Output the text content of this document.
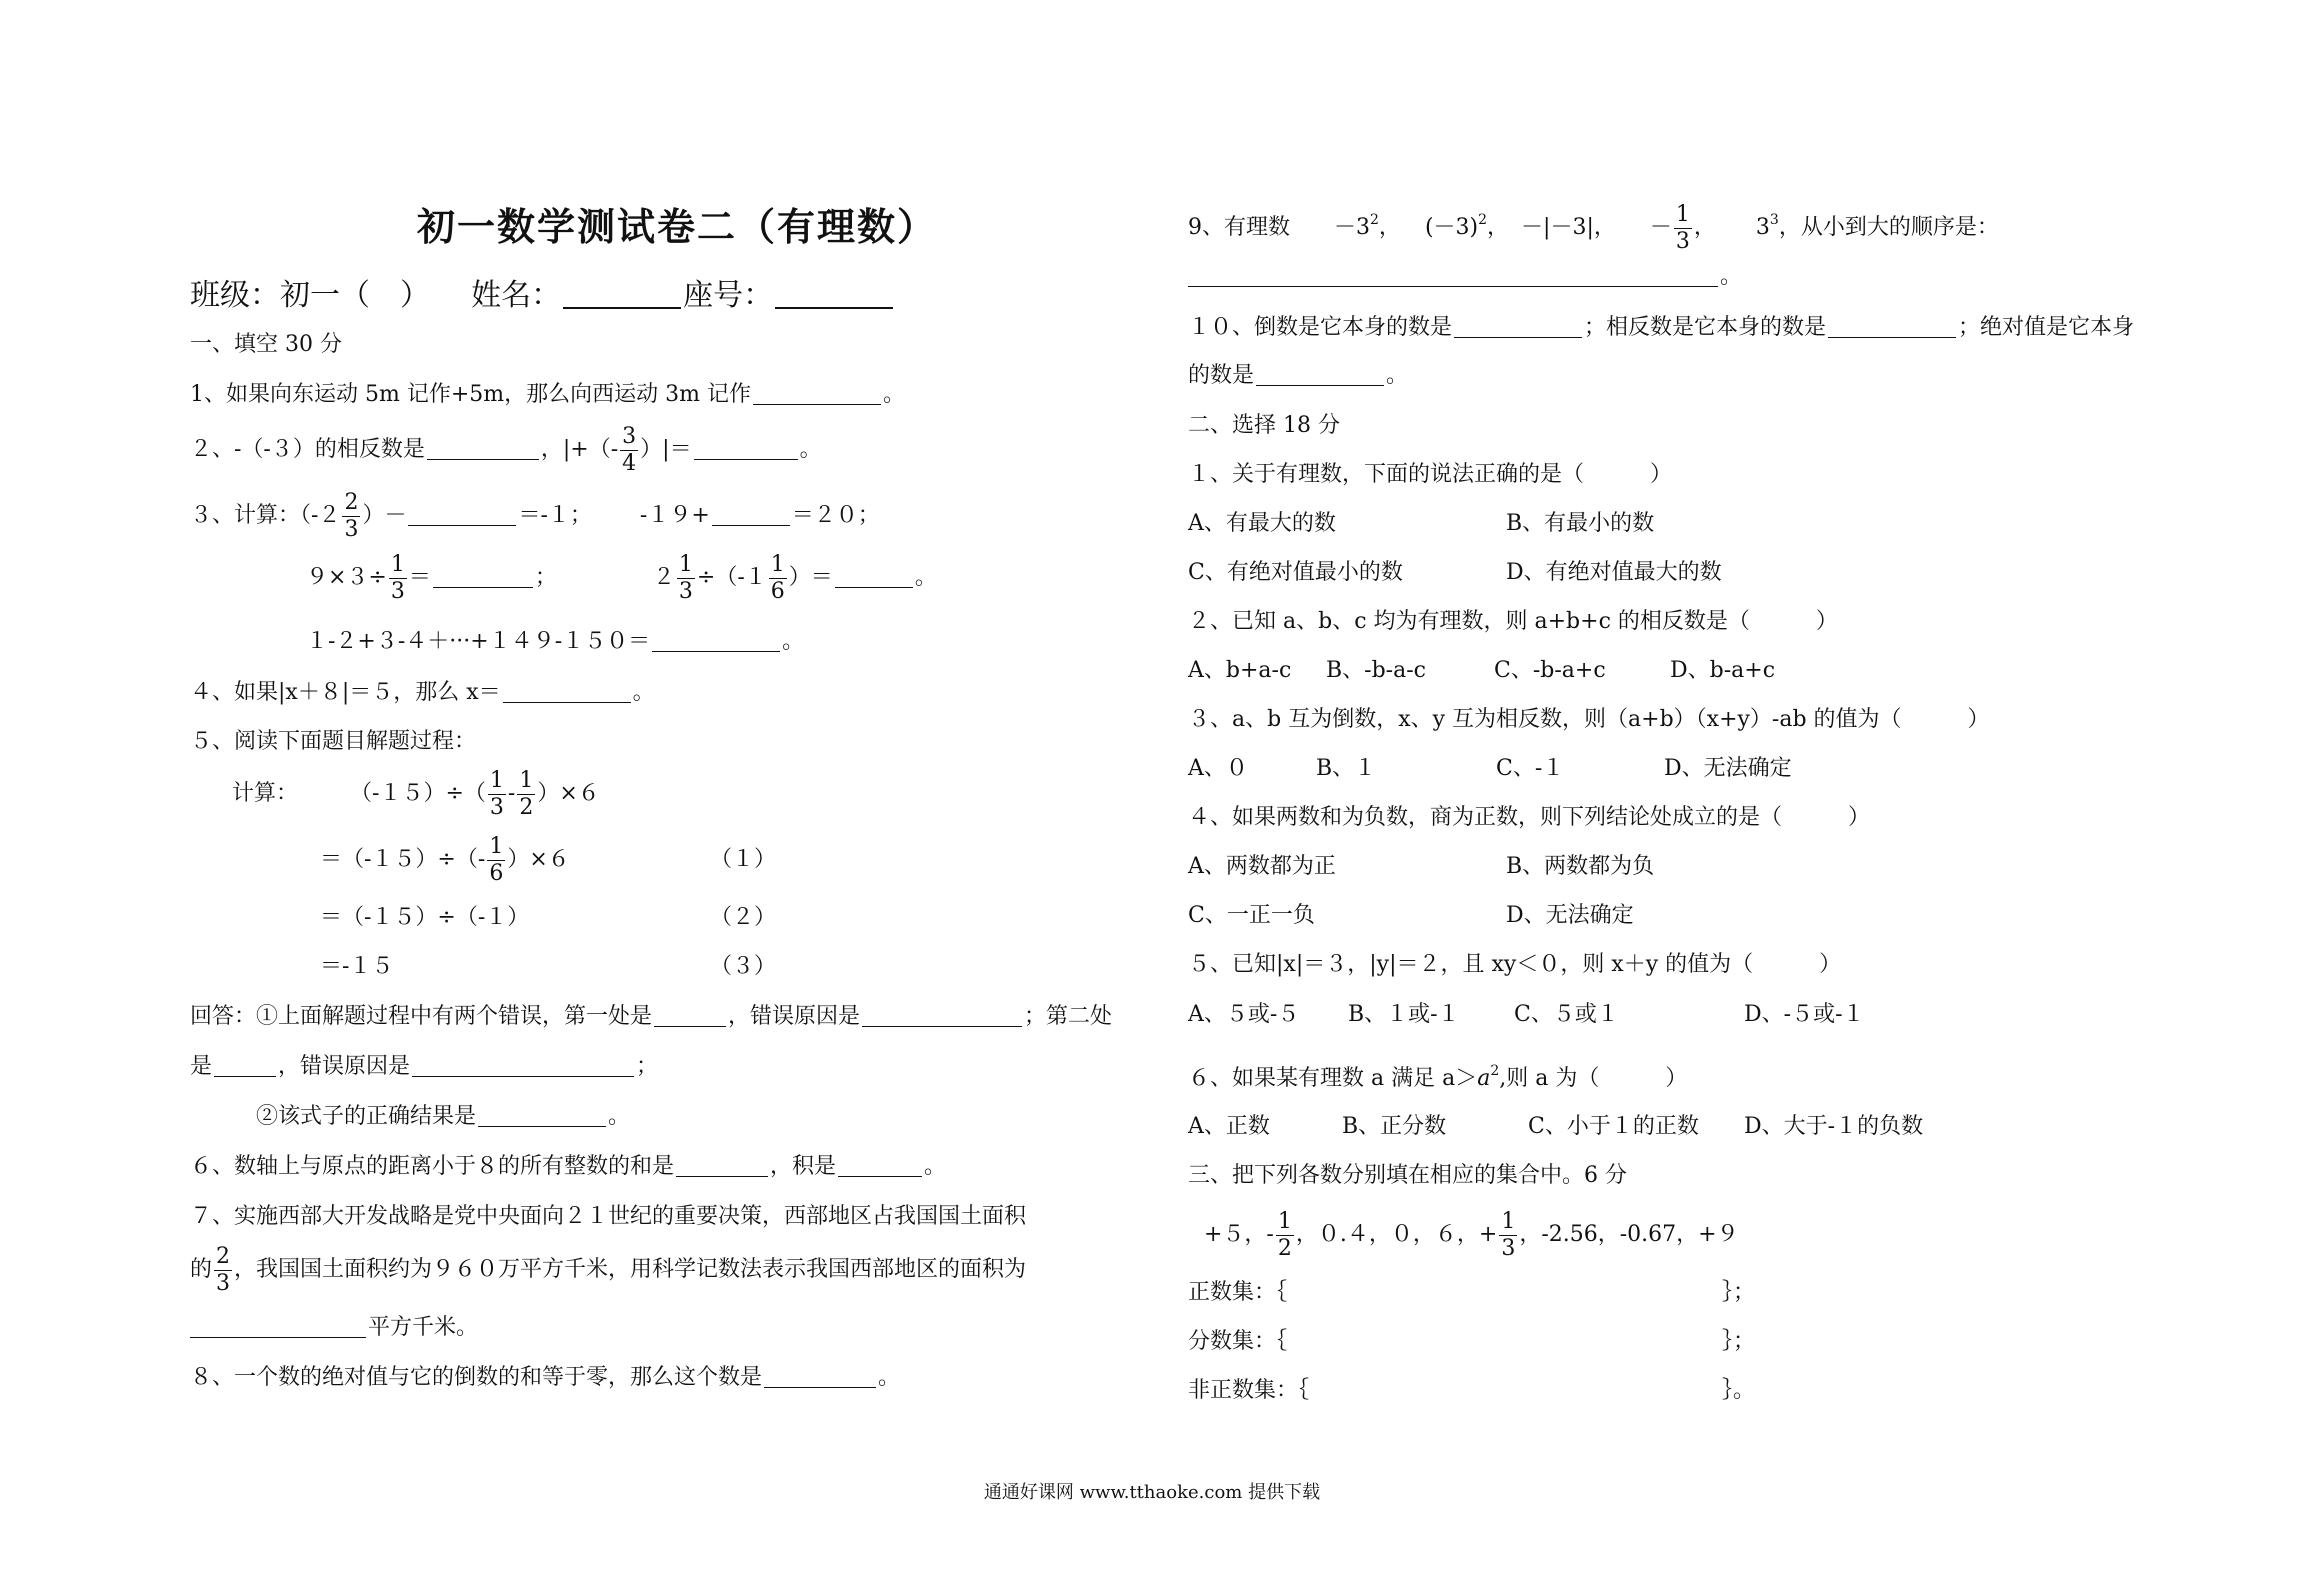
初一数学测试卷二（有理数）
班级：初一（　） 姓名：	座号：
一、填空 30 分
1、如果向东运动 5m 记作+5m，那么向西运动 3m 记作	。
２、-（-３）的相反数是	，|+（- $\frac{3}{4}$ ）|＝	。
３、计算：（$-2 \frac{2}{3}$ ）－	＝-１； -１９+	＝２０；
$9\times 3\div \frac{1}{3}$ ＝	；	$2 \frac{1}{3} \div(-1 \frac{1}{6}$ ）＝	。
１-２+３-４＋···+１４９-１５０＝	。
４、如果|x＋８|＝５，那么 x＝	。
５、阅读下面题目解题过程：
计算： $(-15)\div( \frac{1}{3} - \frac{1}{2} )\times 6$
$=(-15)\div(- \frac{1}{6} )\times 6$	（１）
＝（-１５）÷（-１）	（２）
＝-１５	（３）
回答：①上面解题过程中有两个错误，第一处是	，错误原因是	；第二处
是	，错误原因是	；
②该式子的正确结果是	。
６、数轴上与原点的距离小于８的所有整数的和是	，积是	。
７、实施西部大开发战略是党中央面向２１世纪的重要决策，西部地区占我国国土面积
的 $\frac{2}{3}$ ，我国国土面积约为９６０万平方千米，用科学记数法表示我国西部地区的面积为
平方千米。
８、一个数的绝对值与它的倒数的和等于零，那么这个数是	。
9、有理数 $-3^2$， $(-3)^2$， －|－3|， － $\frac{1}{3}$ ， $3^3$，从小到大的顺序是：
。
１０、倒数是它本身的数是	；相反数是它本身的数是	；绝对值是它本身
的数是	。
二、选择 18 分
１、关于有理数，下面的说法正确的是（　　　）
A、有最大的数	B、有最小的数
C、有绝对值最小的数	D、有绝对值最大的数
２、已知 a、b、c 均为有理数，则 a+b+c 的相反数是（　　　）
A、b+a-c B、-b-a-c	C、-b-a+c	D、b-a+c
３、a、b 互为倒数，x、y 互为相反数，则（a+b）（x+y）-ab 的值为（　　　）
A、０	B、１	C、-１	D、无法确定
４、如果两数和为负数，商为正数，则下列结论处成立的是（　　　）
A、两数都为正	B、两数都为负
C、一正一负	D、无法确定
５、已知|x|＝３，|y|＝２，且 xy＜０，则 x＋y 的值为（　　　）
A、５或-５ B、１或-１ C、５或１	D、-５或-１
６、如果某有理数 a 满足 $a>a^2$,则 a 为（　　　）
A、正数	B、正分数	C、小于１的正数 D、大于-１的负数
三、把下列各数分别填在相应的集合中。6 分
+５，- $\frac{1}{2}$ ，０.４，０，６，+ $\frac{1}{3}$ ，-2.56，-0.67，+９
正数集：｛	｝；
分数集：｛	｝；
非正数集：｛	｝。
通通好课网 www.tthaoke.com 提供下载
